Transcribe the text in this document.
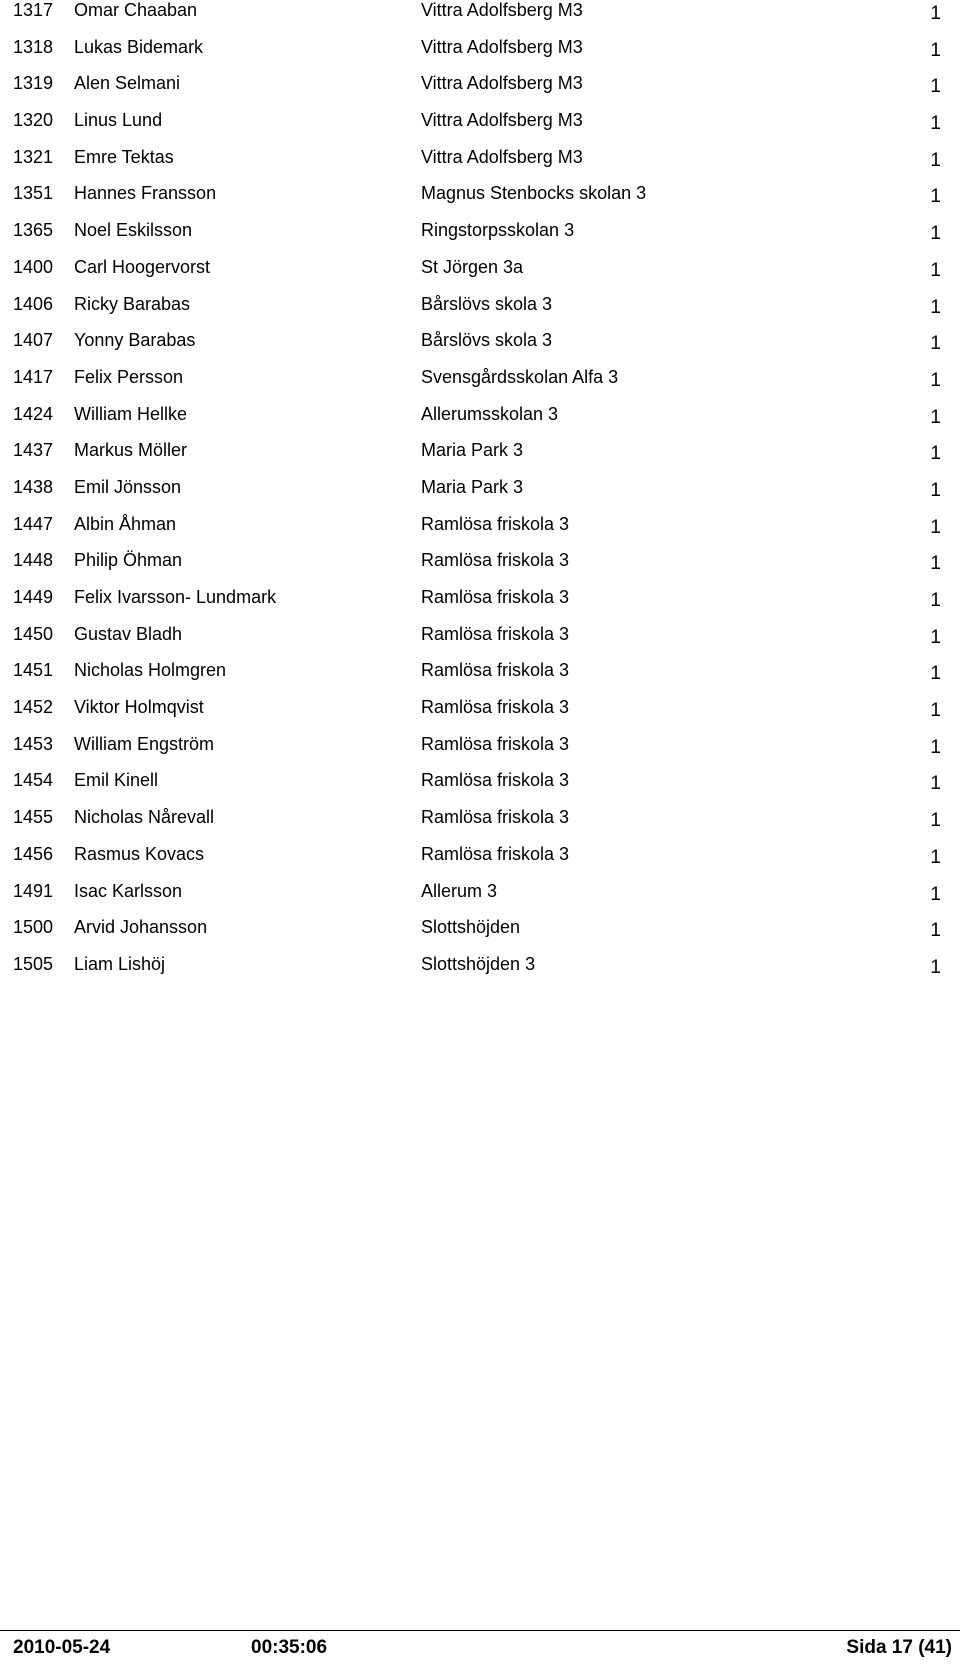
1317 Omar Chaaban	Vittra Adolfsberg M3	1
1318 Lukas Bidemark	Vittra Adolfsberg M3	1
1319 Alen Selmani	Vittra Adolfsberg M3	1
1320 Linus Lund	Vittra Adolfsberg M3	1
1321 Emre Tektas	Vittra Adolfsberg M3	1
1351 Hannes Fransson	Magnus Stenbocks skolan 3	1
1365 Noel Eskilsson	Ringstorpsskolan 3	1
1400 Carl Hoogervorst	St Jörgen 3a	1
1406 Ricky Barabas	Bårslövs skola 3	1
1407 Yonny Barabas	Bårslövs skola 3	1
1417 Felix Persson	Svensgårdsskolan Alfa 3	1
1424 William Hellke	Allerumsskolan 3	1
1437 Markus Möller	Maria Park 3	1
1438 Emil Jönsson	Maria Park 3	1
1447 Albin Åhman	Ramlösa friskola 3	1
1448 Philip Öhman	Ramlösa friskola 3	1
1449 Felix Ivarsson- Lundmark	Ramlösa friskola 3	1
1450 Gustav Bladh	Ramlösa friskola 3	1
1451 Nicholas Holmgren	Ramlösa friskola 3	1
1452 Viktor Holmqvist	Ramlösa friskola 3	1
1453 William Engström	Ramlösa friskola 3	1
1454 Emil Kinell	Ramlösa friskola 3	1
1455 Nicholas Nårevall	Ramlösa friskola 3	1
1456 Rasmus Kovacs	Ramlösa friskola 3	1
1491 Isac Karlsson	Allerum 3	1
1500 Arvid Johansson	Slottshöjden	1
1505 Liam Lishöj	Slottshöjden 3	1
2010-05-24	00:35:06	Sida 17 (41)
